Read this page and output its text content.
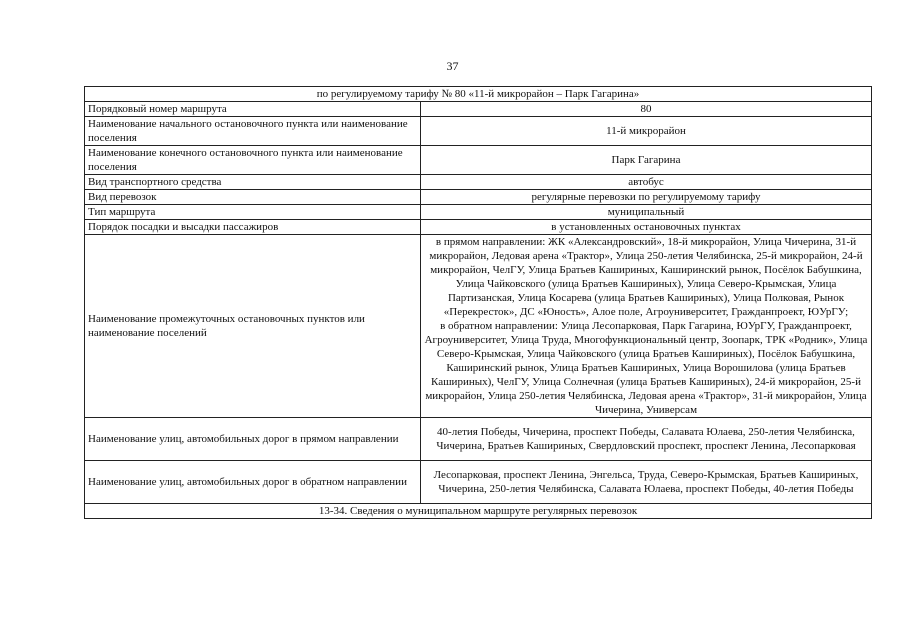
37
по регулируемому тарифу № 80 «11-й микрорайон – Парк Гагарина»	
Порядковый номер маршрута	80
Наименование начального остановочного пункта или наименование поселения	11-й микрорайон
Наименование конечного остановочного пункта или наименование поселения	Парк Гагарина
Вид транспортного средства	автобус
Вид перевозок	регулярные перевозки по регулируемому тарифу
Тип маршрута	муниципальный
Порядок посадки и высадки пассажиров	в установленных остановочных пунктах
Наименование промежуточных остановочных пунктов или наименование поселений	в прямом направлении: ЖК «Александровский», 18-й микрорайон, Улица Чичерина, 31-й микрорайон, Ледовая арена «Трактор», Улица 250-летия Челябинска, 25-й микрорайон, 24-й микрорайон, ЧелГУ, Улица Братьев Кашириных, Каширинский рынок, Посёлок Бабушкина, Улица Чайковского (улица Братьев Кашириных), Улица Северо-Крымская, Улица Партизанская, Улица Косарева (улица Братьев Кашириных), Улица Полковая, Рынок «Перекресток», ДС «Юность», Алое поле, Агроуниверситет, Гражданпроект, ЮУрГУ;
в обратном направлении: Улица Лесопарковая, Парк Гагарина, ЮУрГУ, Гражданпроект, Агроуниверситет, Улица Труда, Многофункциональный центр, Зоопарк, ТРК «Родник», Улица Северо-Крымская, Улица Чайковского (улица Братьев Кашириных), Посёлок Бабушкина, Каширинский рынок, Улица Братьев Кашириных, Улица Ворошилова (улица Братьев Кашириных), ЧелГУ, Улица Солнечная (улица Братьев Кашириных), 24-й микрорайон, 25-й микрорайон, Улица 250-летия Челябинска, Ледовая арена «Трактор», 31-й микрорайон, Улица Чичерина, Универсам

Наименование улиц, автомобильных дорог в прямом направлении	40-летия Победы, Чичерина, проспект Победы, Салавата Юлаева, 250-летия Челябинска, Чичерина, Братьев Кашириных, Свердловский проспект, проспект Ленина, Лесопарковая
Наименование улиц, автомобильных дорог в обратном направлении	Лесопарковая, проспект Ленина, Энгельса, Труда, Северо-Крымская, Братьев Кашириных, Чичерина, 250-летия Челябинска, Салавата Юлаева, проспект Победы, 40-летия Победы
13-34. Сведения о муниципальном маршруте регулярных перевозок	
